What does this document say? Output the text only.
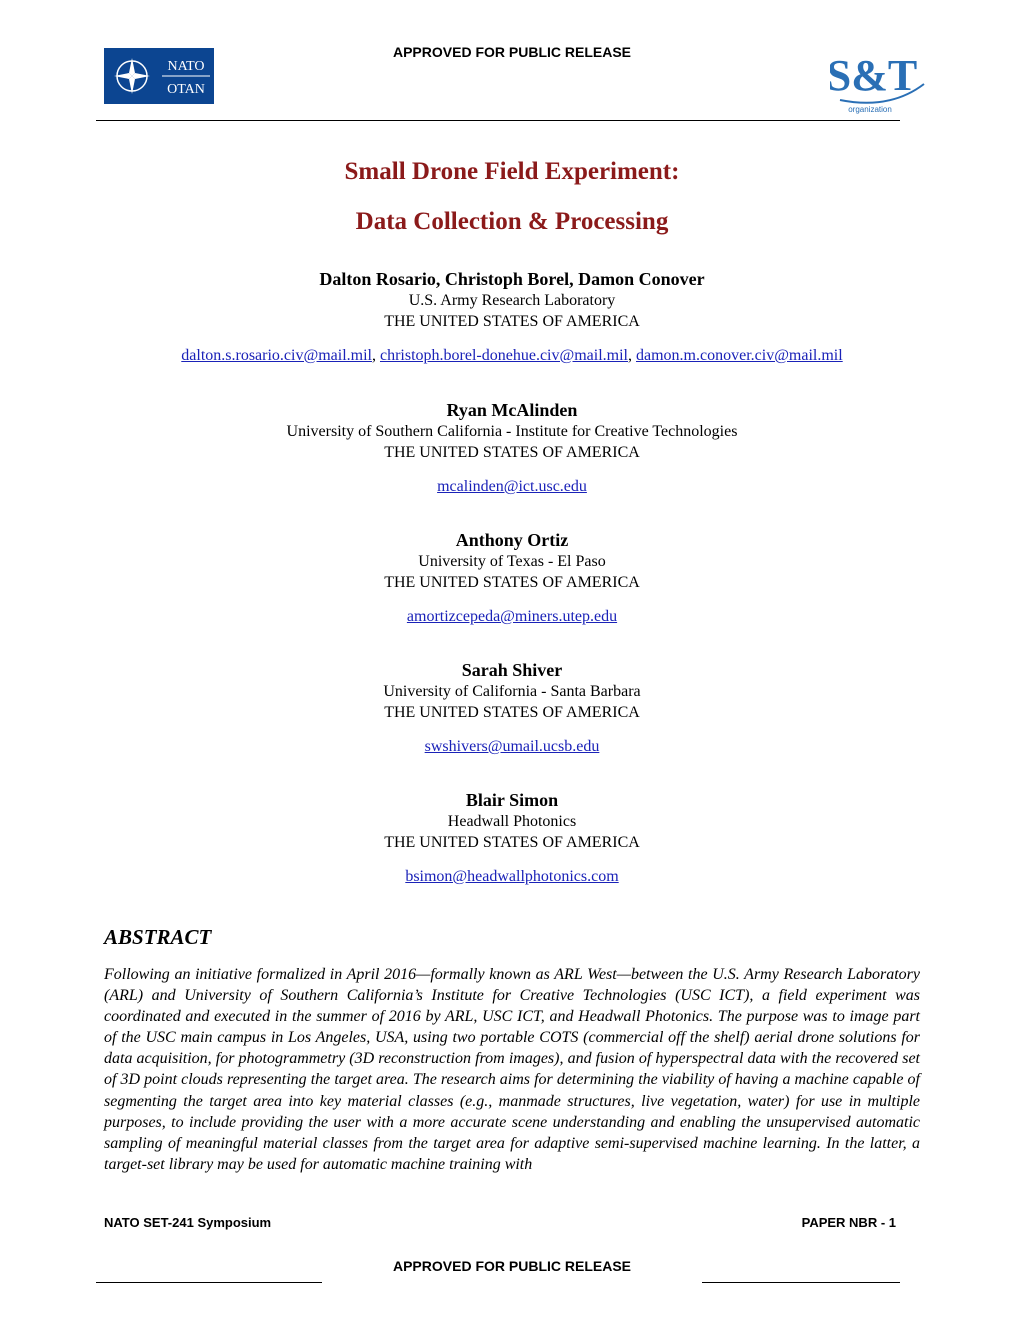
APPROVED FOR PUBLIC RELEASE
NATO
OTAN	S&T
organization
Small Drone Field Experiment:
Data Collection & Processing
Dalton Rosario, Christoph Borel, Damon Conover
U.S. Army Research Laboratory
THE UNITED STATES OF AMERICA
dalton.s.rosario.civ@mail.mil, christoph.borel-donehue.civ@mail.mil, damon.m.conover.civ@mail.mil
Ryan McAlinden
University of Southern California - Institute for Creative Technologies
THE UNITED STATES OF AMERICA
mcalinden@ict.usc.edu
Anthony Ortiz
University of Texas - El Paso
THE UNITED STATES OF AMERICA
amortizcepeda@miners.utep.edu
Sarah Shiver
University of California - Santa Barbara
THE UNITED STATES OF AMERICA
swshivers@umail.ucsb.edu
Blair Simon
Headwall Photonics
THE UNITED STATES OF AMERICA
bsimon@headwallphotonics.com
ABSTRACT

Following an initiative formalized in April 2016—formally known as ARL West—between the U.S. Army Research Laboratory (ARL) and University of Southern California’s Institute for Creative Technologies (USC ICT), a field experiment was coordinated and executed in the summer of 2016 by ARL, USC ICT, and Headwall Photonics. The purpose was to image part of the USC main campus in Los Angeles, USA, using two portable COTS (commercial off the shelf) aerial drone solutions for data acquisition, for photogrammetry (3D reconstruction from images), and fusion of hyperspectral data with the recovered set of 3D point clouds representing the target area. The research aims for determining the viability of having a machine capable of segmenting the target area into key material classes (e.g., manmade structures, live vegetation, water) for use in multiple purposes, to include providing the user with a more accurate scene understanding and enabling the unsupervised automatic sampling of meaningful material classes from the target area for adaptive semi-supervised machine learning. In the latter, a target-set library may be used for automatic machine training with

NATO SET-241 Symposium	PAPER NBR - 1
APPROVED FOR PUBLIC RELEASE
